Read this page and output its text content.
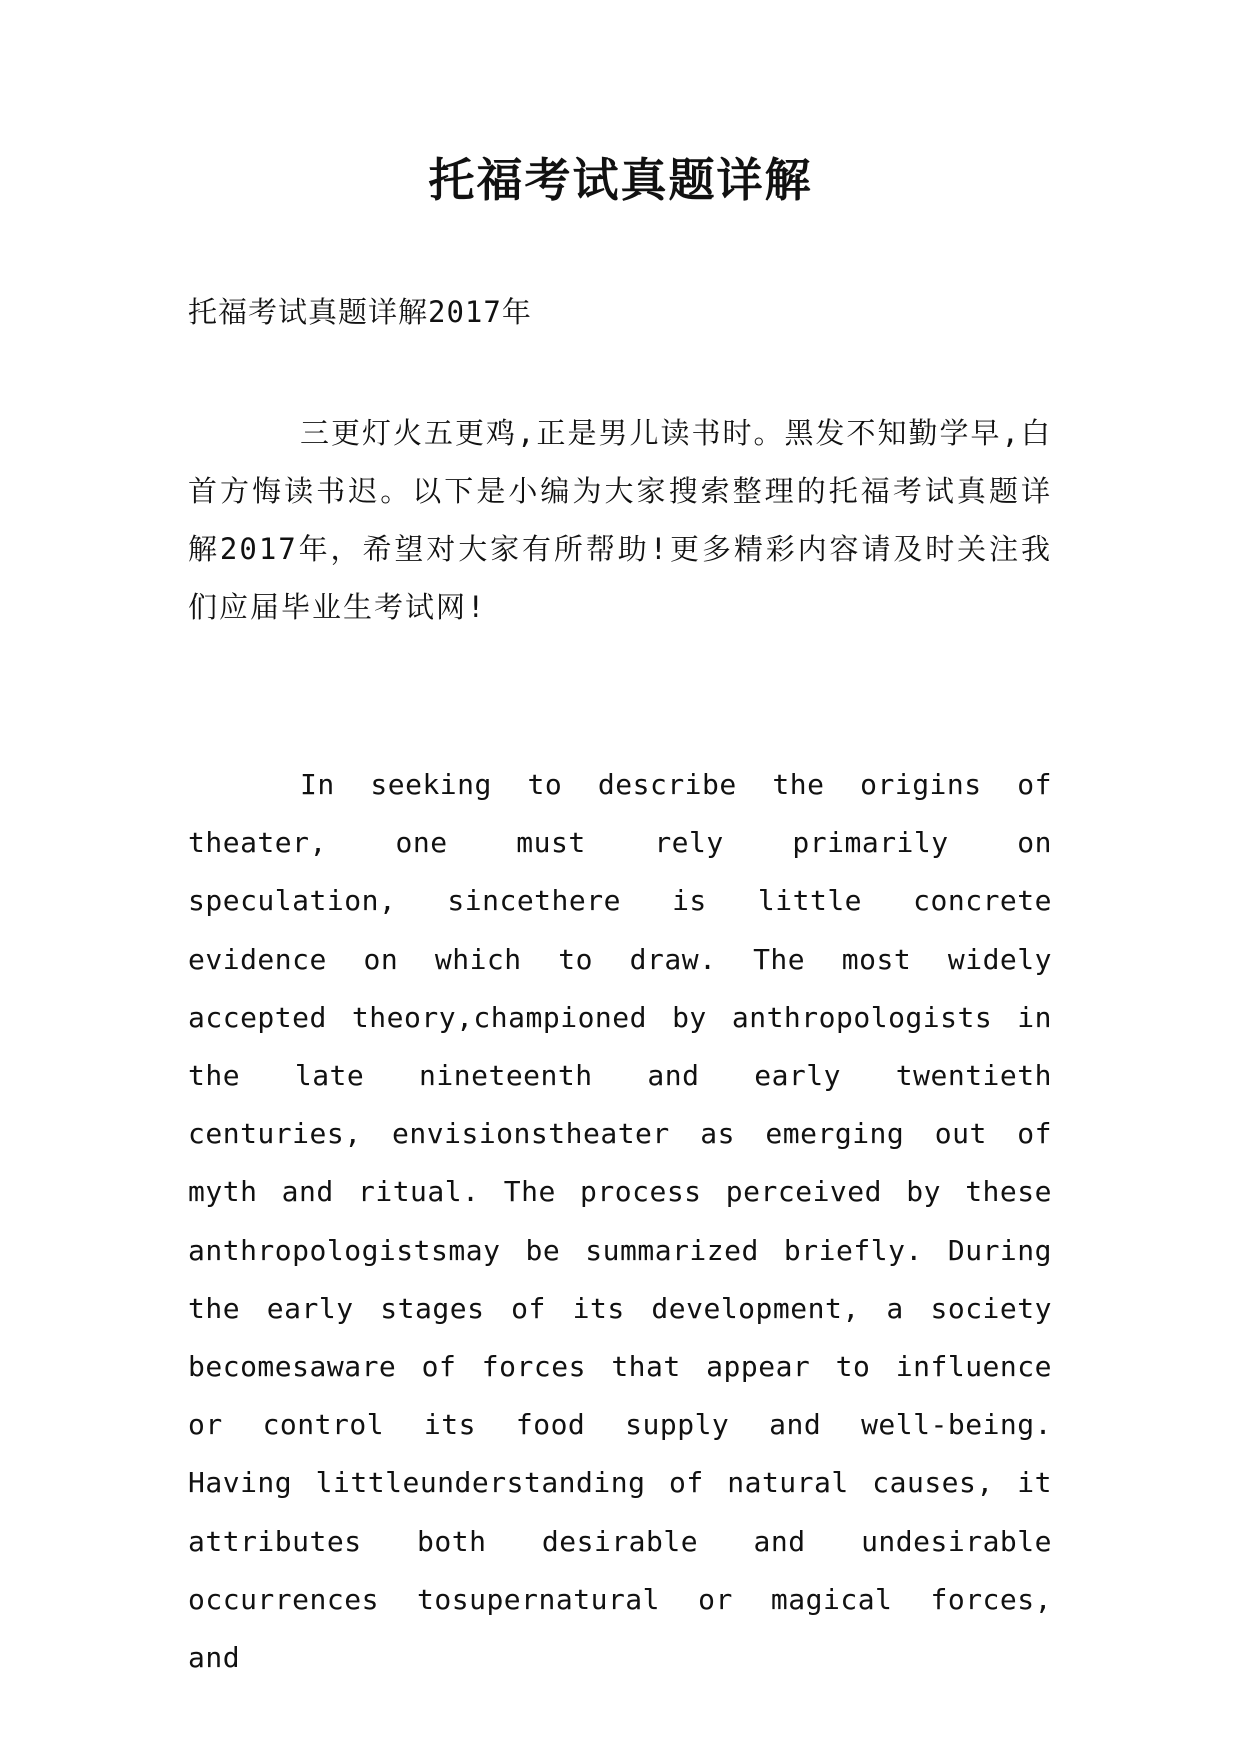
托福考试真题详解
托福考试真题详解2017年

三更灯火五更鸡,正是男儿读书时。黑发不知勤学早,白首方悔读书迟。以下是小编为大家搜索整理的托福考试真题详解2017年，希望对大家有所帮助!更多精彩内容请及时关注我们应届毕业生考试网!

In seeking to describe the origins of theater, one must rely primarily on speculation, sincethere is little concrete evidence on which to draw. The most widely accepted theory,championed by anthropologists in the late nineteenth and early twentieth centuries, envisionstheater as emerging out of myth and ritual. The process perceived by these anthropologistsmay be summarized briefly. During the early stages of its development, a society becomesaware of forces that appear to influence or control its food supply and well-being. Having littleunderstanding of natural causes, it attributes both desirable and undesirable occurrences tosupernatural or magical forces, and
